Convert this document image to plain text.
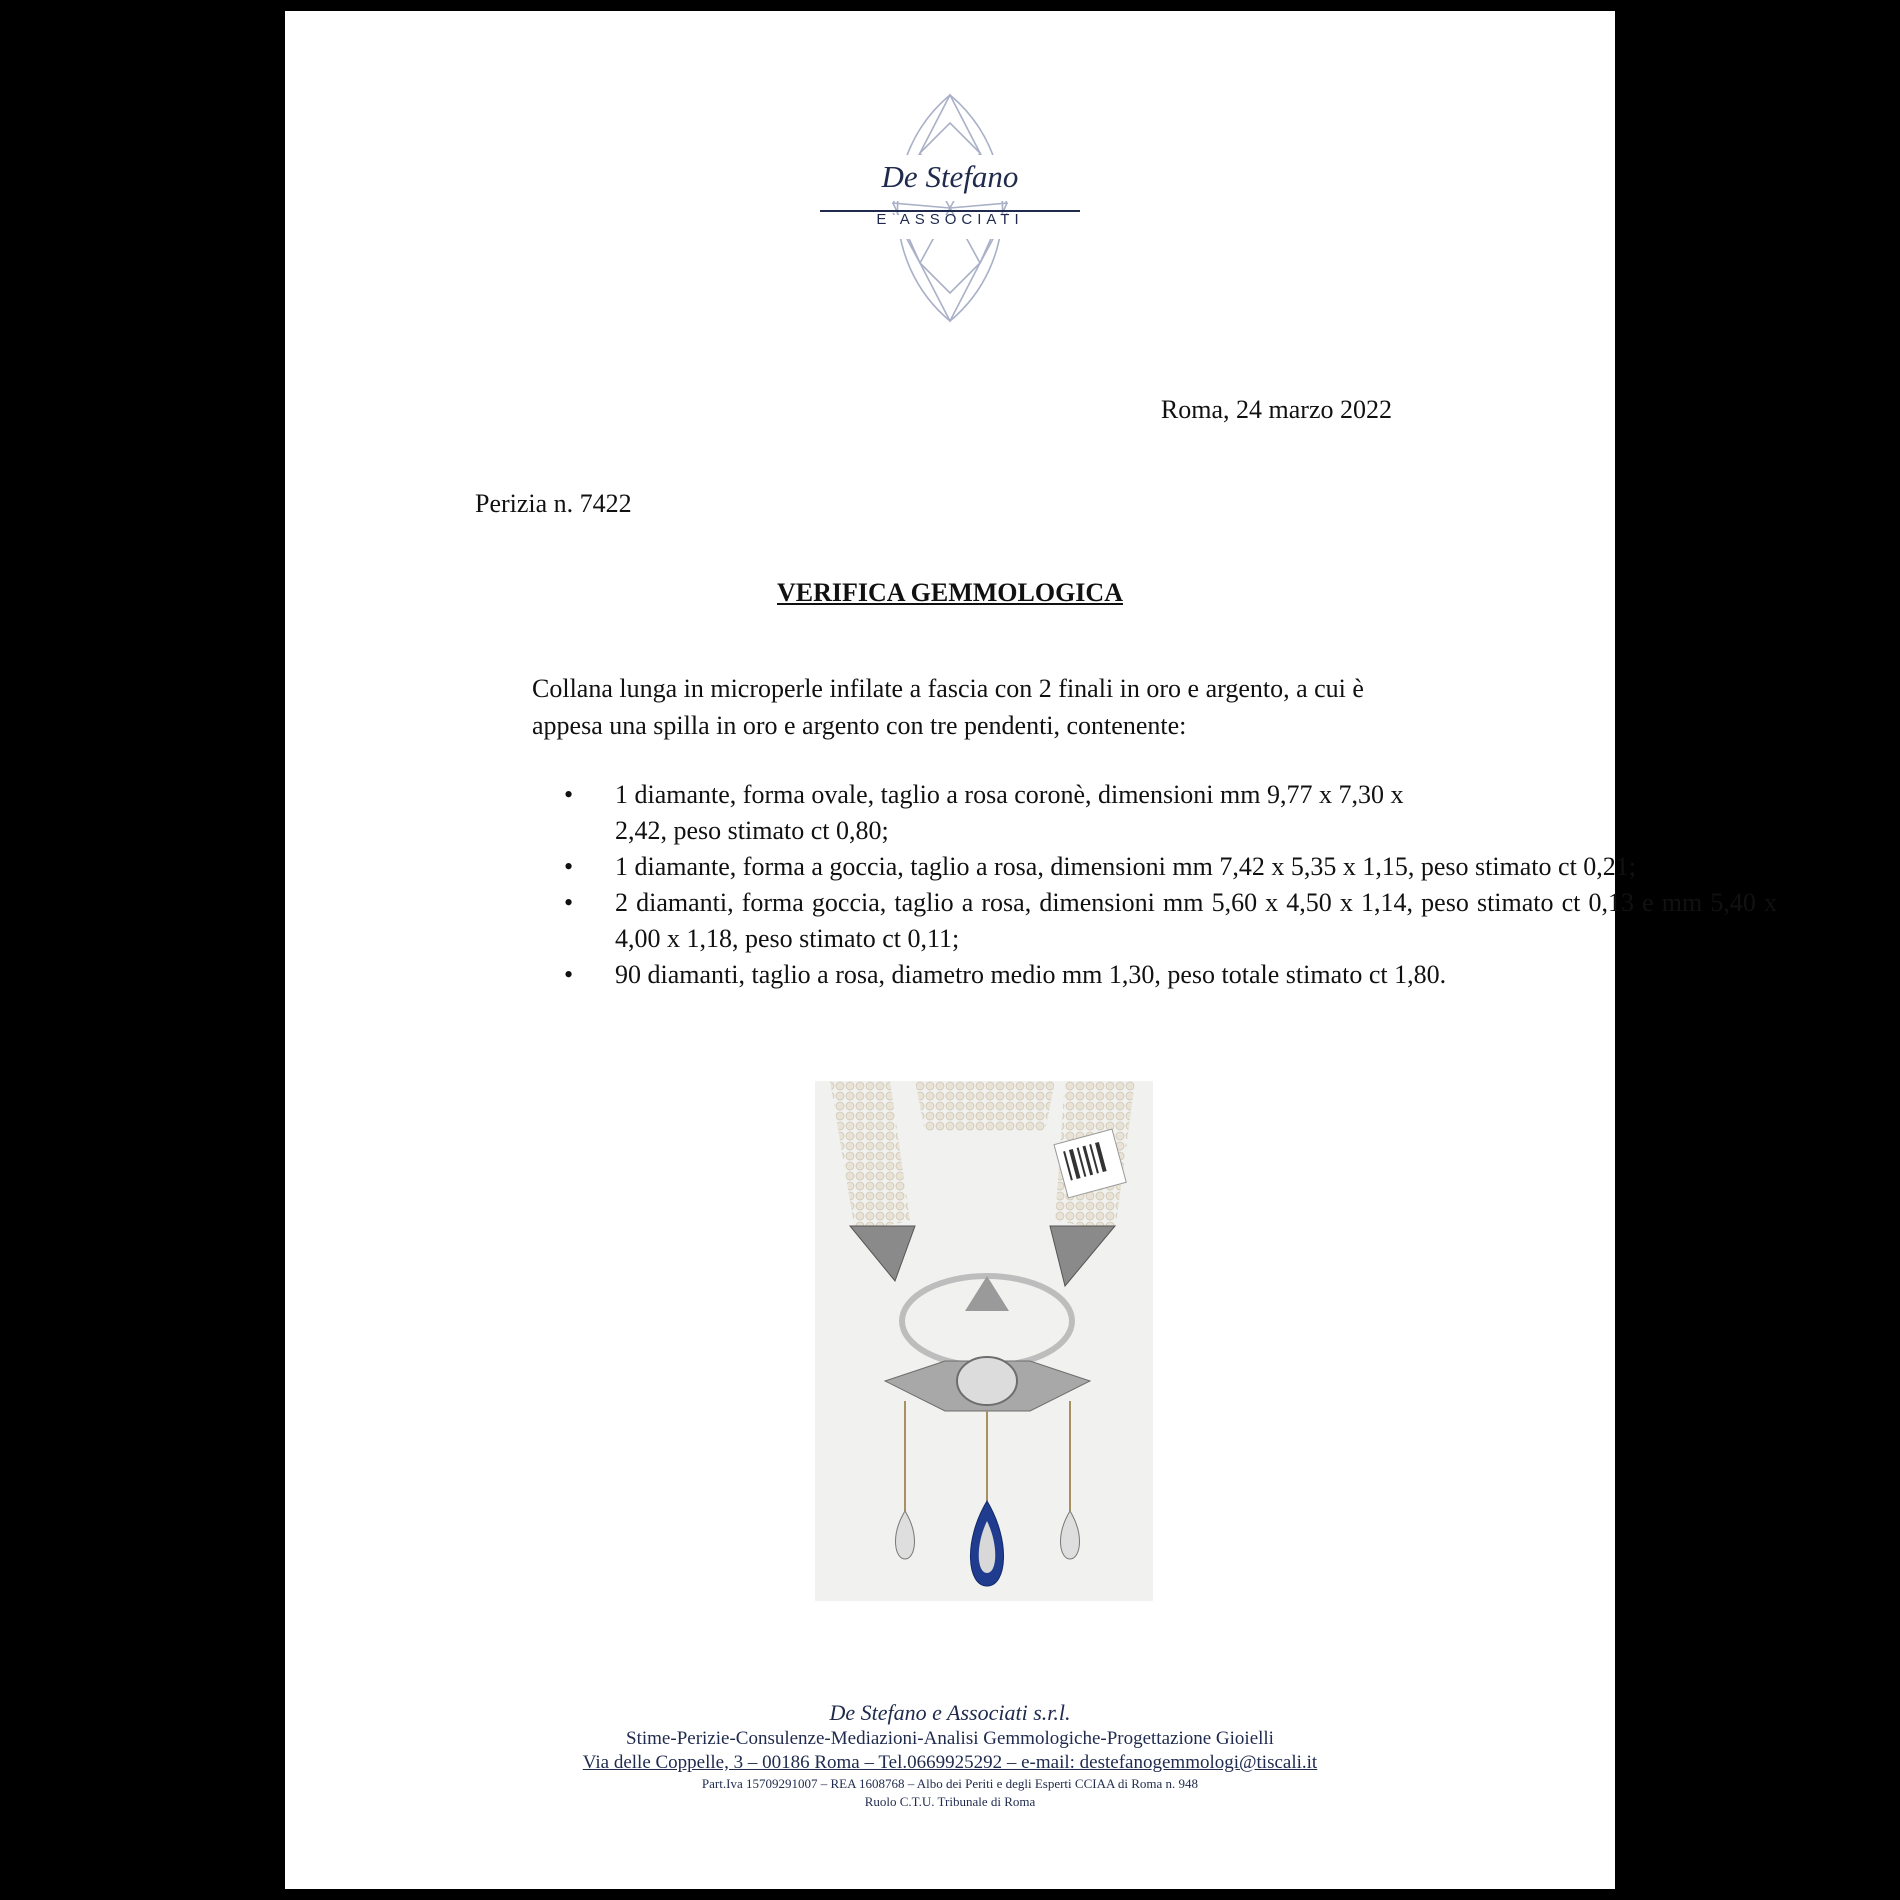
De Stefano
E ASSOCIATI
Roma, 24 marzo 2022
Perizia n. 7422
VERIFICA GEMMOLOGICA
Collana lunga in microperle infilate a fascia con 2 finali in oro e argento, a cui è appesa una spilla in oro e argento con tre pendenti, contenente:
• 1 diamante, forma ovale, taglio a rosa coronè, dimensioni mm 9,77 x 7,30 x 2,42, peso stimato ct 0,80;
• 1 diamante, forma a goccia, taglio a rosa, dimensioni mm 7,42 x 5,35 x 1,15, peso stimato ct 0,21;
• 2 diamanti, forma goccia, taglio a rosa, dimensioni mm 5,60 x 4,50 x 1,14, peso stimato ct 0,13 e mm 5,40 x 4,00 x 1,18, peso stimato ct 0,11;
• 90 diamanti, taglio a rosa, diametro medio mm 1,30, peso totale stimato ct 1,80.
De Stefano e Associati s.r.l.
Stime-Perizie-Consulenze-Mediazioni-Analisi Gemmologiche-Progettazione Gioielli
Via delle Coppelle, 3 – 00186 Roma – Tel.0669925292 – e-mail: destefanogemmologi@tiscali.it
Part.Iva 15709291007 – REA 1608768 – Albo dei Periti e degli Esperti CCIAA di Roma n. 948
Ruolo C.T.U. Tribunale di Roma
